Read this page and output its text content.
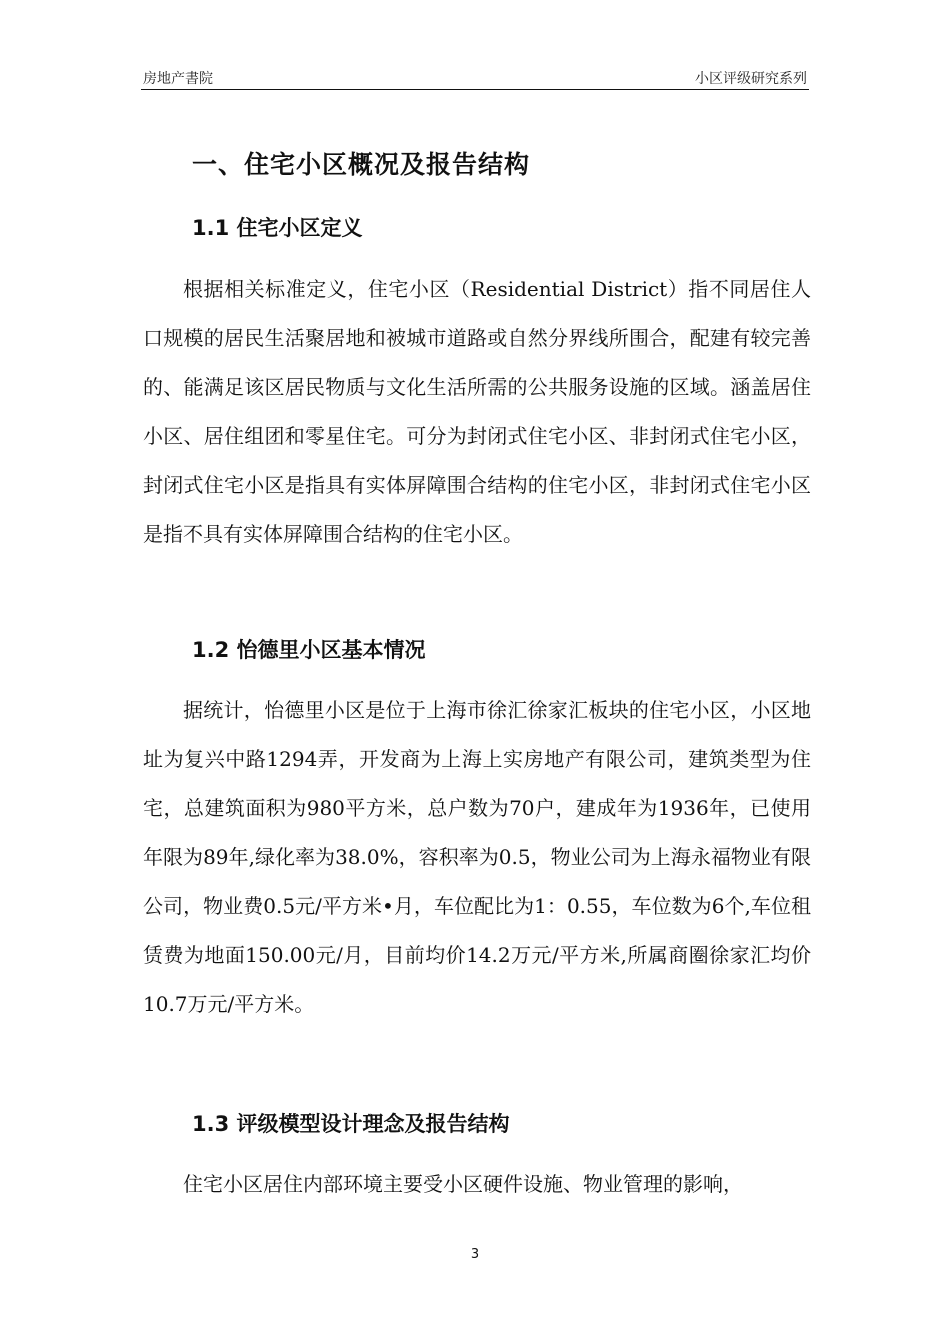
房地产書院	小区评级研究系列
一、住宅小区概况及报告结构
1.1 住宅小区定义

根据相关标准定义，住宅小区（Residential District）指不同居住人口规模的居民生活聚居地和被城市道路或自然分界线所围合，配建有较完善的、能满足该区居民物质与文化生活所需的公共服务设施的区域。涵盖居住小区、居住组团和零星住宅。可分为封闭式住宅小区、非封闭式住宅小区，封闭式住宅小区是指具有实体屏障围合结构的住宅小区，非封闭式住宅小区是指不具有实体屏障围合结构的住宅小区。

1.2 怡德里小区基本情况

据统计，怡德里小区是位于上海市徐汇徐家汇板块的住宅小区，小区地址为复兴中路1294弄，开发商为上海上实房地产有限公司，建筑类型为住宅，总建筑面积为980平方米，总户数为70户，建成年为1936年，已使用年限为89年,绿化率为38.0%，容积率为0.5，物业公司为上海永福物业有限公司，物业费0.5元/平方米•月，车位配比为1：0.55，车位数为6个,车位租赁费为地面150.00元/月，目前均价14.2万元/平方米,所属商圈徐家汇均价10.7万元/平方米。

1.3 评级模型设计理念及报告结构

住宅小区居住内部环境主要受小区硬件设施、物业管理的影响，

3
